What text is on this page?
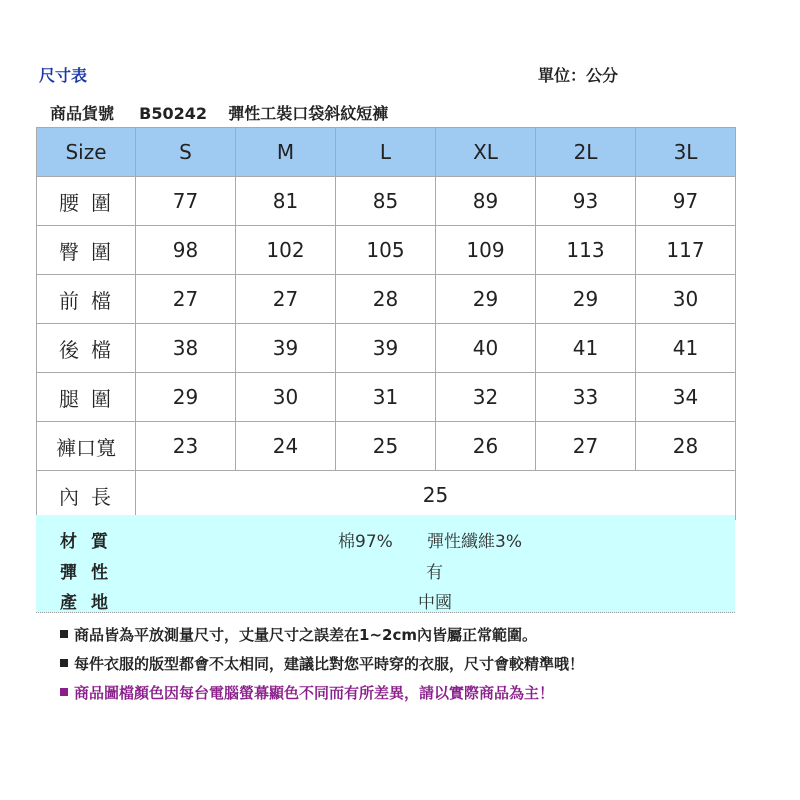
尺寸表	單位：公分
商品貨號 B50242 彈性工裝口袋斜紋短褲
Size	S	M	L	XL	2L	3L
腰圍	77	81	85	89	93	97
臀圍	98	102	105	109	113	117
前檔	27	27	28	29	29	30
後檔	38	39	39	40	41	41
腿圍	29	30	31	32	33	34
褲口寬	23	24	25	26	27	28
內長	25					
材質	棉97% 彈性纖維3%
彈性	有
產地	中國
商品皆為平放測量尺寸，丈量尺寸之誤差在1~2cm內皆屬正常範圍。
每件衣服的版型都會不太相同，建議比對您平時穿的衣服，尺寸會較精準哦！
商品圖檔顏色因每台電腦螢幕顯色不同而有所差異，請以實際商品為主！
